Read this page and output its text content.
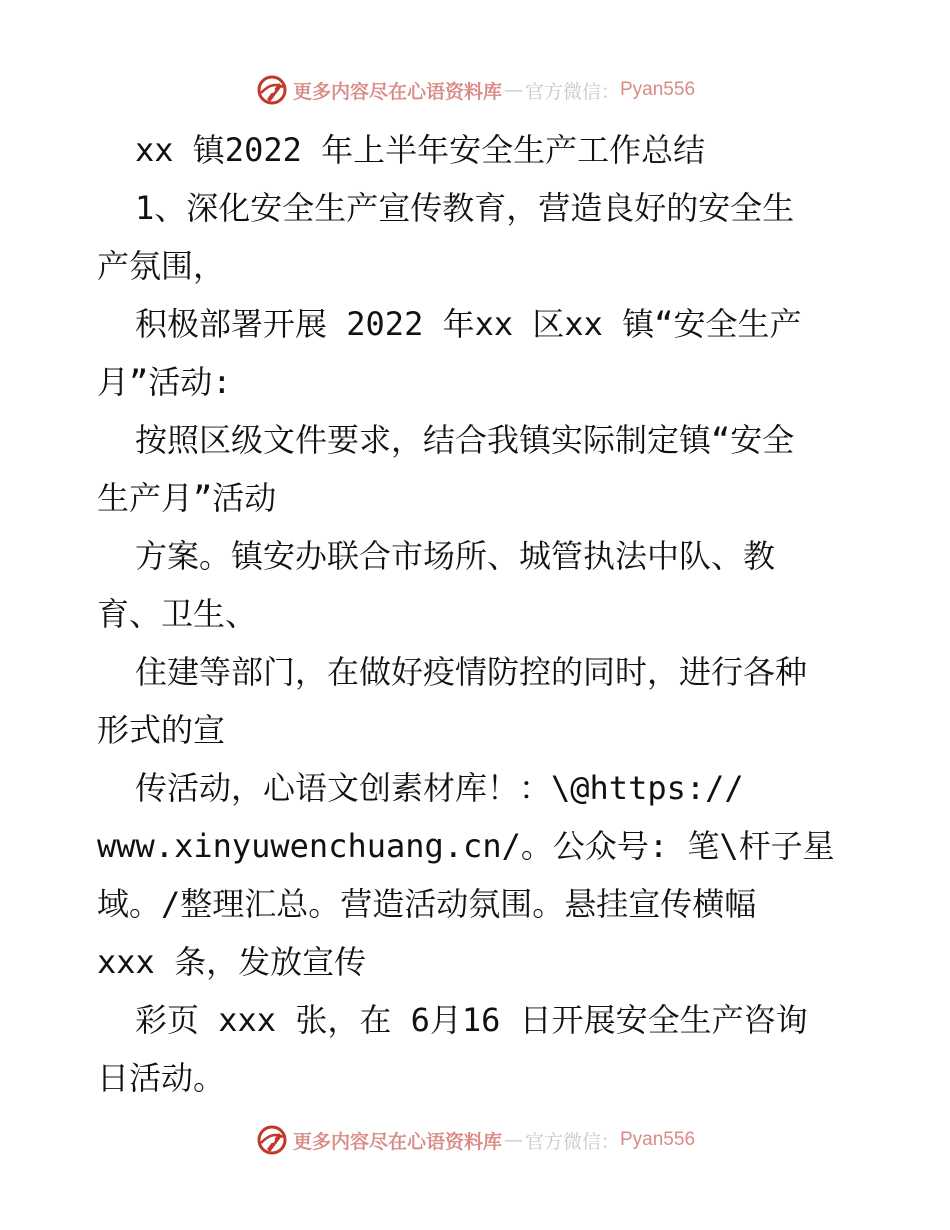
更多内容尽在心语资料库 — 官方微信： Pyan556
xx 镇2022 年上半年安全生产工作总结
1、深化安全生产宣传教育，营造良好的安全生
产氛围，
积极部署开展 2022 年xx 区xx 镇“安全生产
月”活动:
按照区级文件要求，结合我镇实际制定镇“安全
生产月”活动
方案。镇安办联合市场所、城管执法中队、教
育、卫生、
住建等部门，在做好疫情防控的同时，进行各种
形式的宣
传活动，心语文创素材库！：\@https://
www.xinyuwenchuang.cn/。公众号: 笔\杆子星
域。/整理汇总。营造活动氛围。悬挂宣传横幅
xxx 条，发放宣传
彩页 xxx 张，在 6月16 日开展安全生产咨询
日活动。
更多内容尽在心语资料库 — 官方微信： Pyan556
